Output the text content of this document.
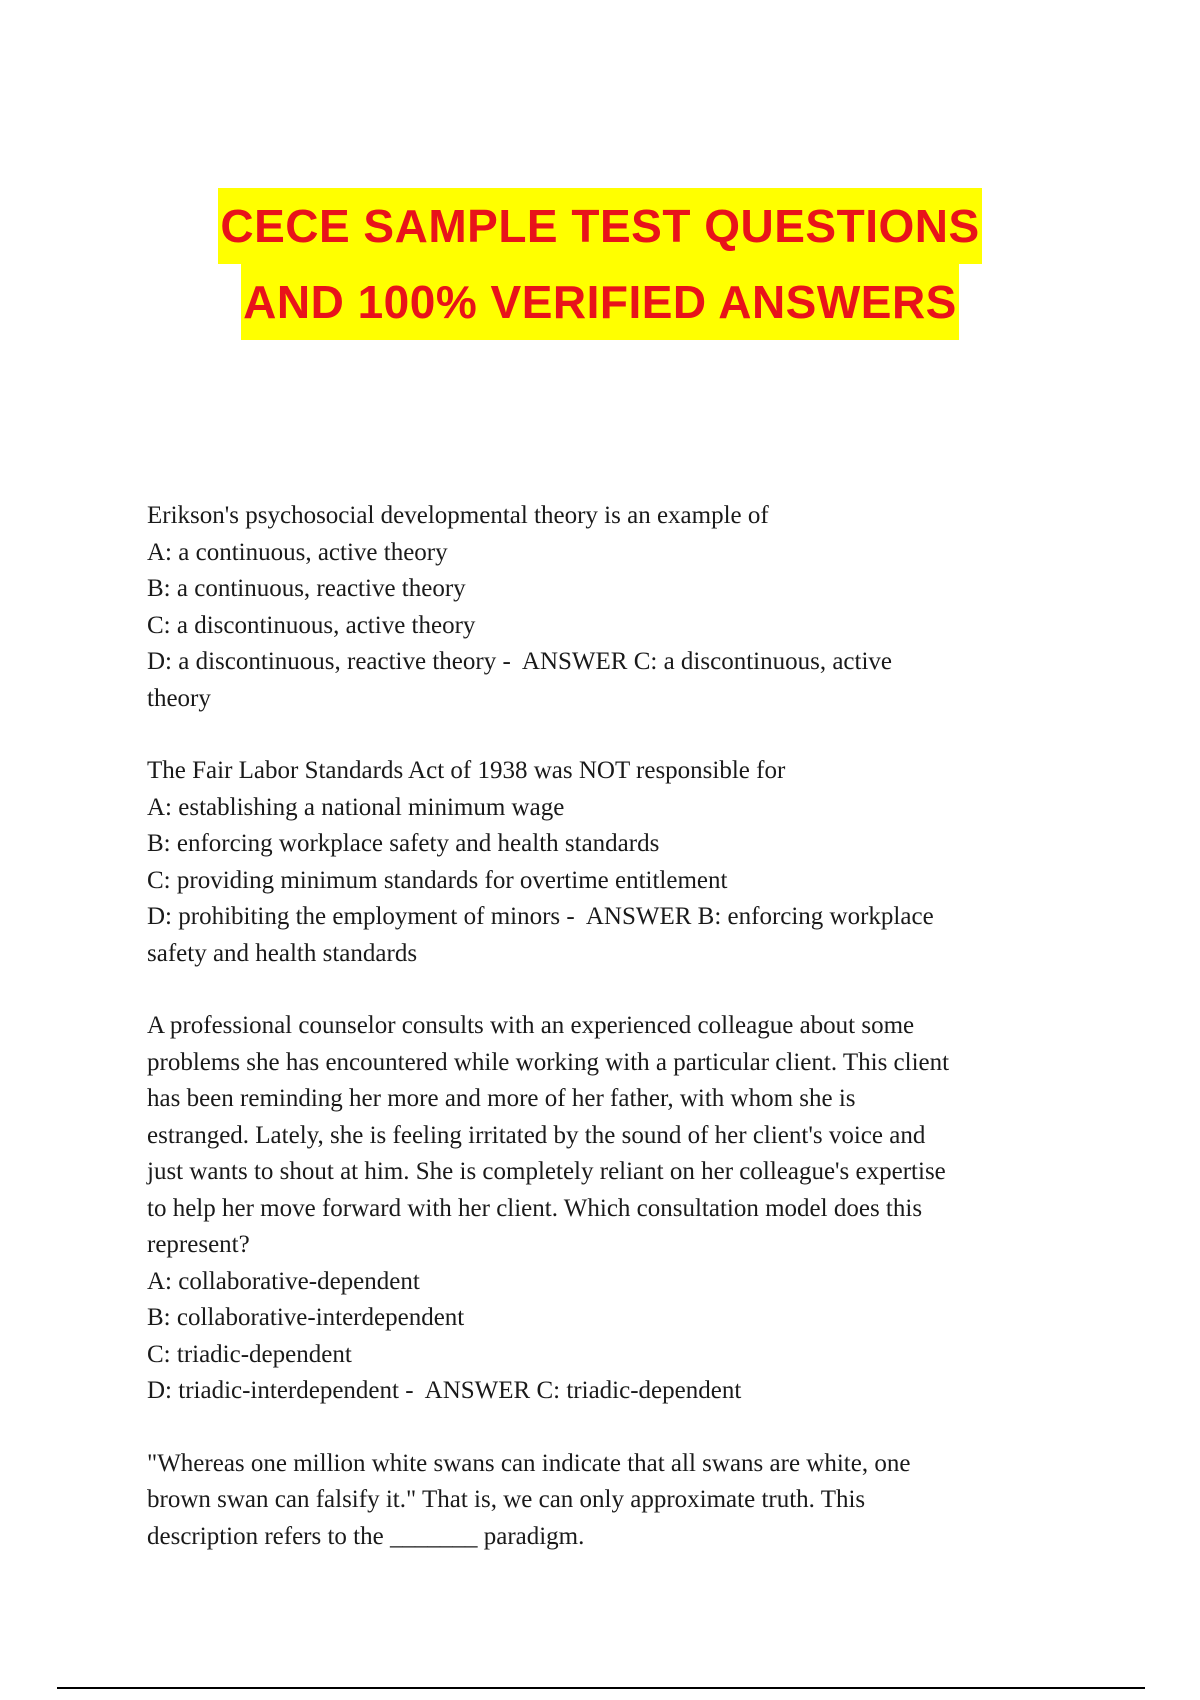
CECE SAMPLE TEST QUESTIONS
AND 100% VERIFIED ANSWERS
Erikson's psychosocial developmental theory is an example of
A: a continuous, active theory
B: a continuous, reactive theory
C: a discontinuous, active theory
D: a discontinuous, reactive theory -  ANSWER C: a discontinuous, active
theory
The Fair Labor Standards Act of 1938 was NOT responsible for
A: establishing a national minimum wage
B: enforcing workplace safety and health standards
C: providing minimum standards for overtime entitlement
D: prohibiting the employment of minors -  ANSWER B: enforcing workplace
safety and health standards
A professional counselor consults with an experienced colleague about some
problems she has encountered while working with a particular client. This client
has been reminding her more and more of her father, with whom she is
estranged. Lately, she is feeling irritated by the sound of her client's voice and
just wants to shout at him. She is completely reliant on her colleague's expertise
to help her move forward with her client. Which consultation model does this
represent?
A: collaborative-dependent
B: collaborative-interdependent
C: triadic-dependent
D: triadic-interdependent -  ANSWER C: triadic-dependent
"Whereas one million white swans can indicate that all swans are white, one
brown swan can falsify it." That is, we can only approximate truth. This
description refers to the _______ paradigm.
